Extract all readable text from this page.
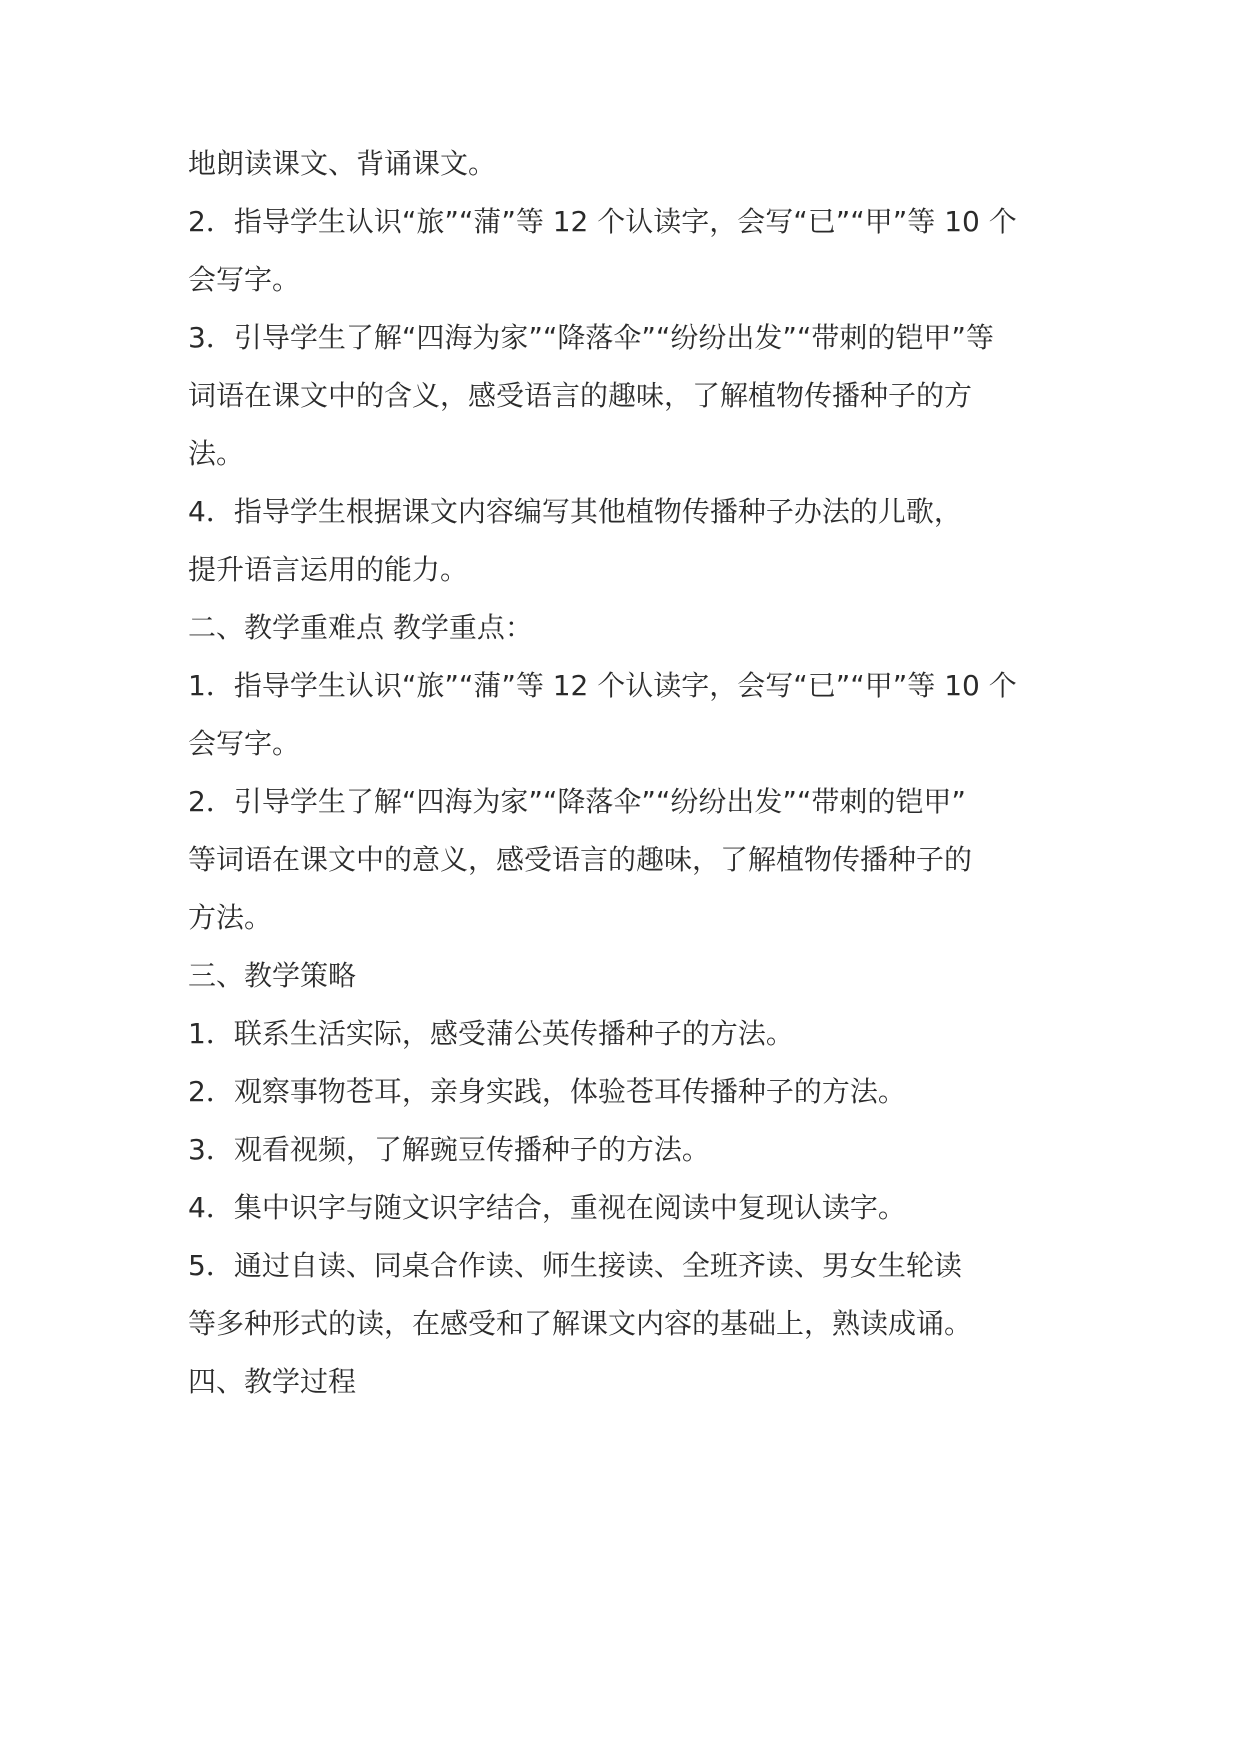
地朗读课文、背诵课文。
2．指导学生认识“旅”“蒲”等 12 个认读字，会写“已”“甲”等 10 个
会写字。
3．引导学生了解“四海为家”“降落伞”“纷纷出发”“带刺的铠甲”等
词语在课文中的含义，感受语言的趣味，了解植物传播种子的方
法。
4．指导学生根据课文内容编写其他植物传播种子办法的儿歌，
提升语言运用的能力。
二、教学重难点 教学重点：
1．指导学生认识“旅”“蒲”等 12 个认读字，会写“已”“甲”等 10 个
会写字。
2．引导学生了解“四海为家”“降落伞”“纷纷出发”“带刺的铠甲”
等词语在课文中的意义，感受语言的趣味，了解植物传播种子的
方法。
三、教学策略
1．联系生活实际，感受蒲公英传播种子的方法。
2．观察事物苍耳，亲身实践，体验苍耳传播种子的方法。
3．观看视频，了解豌豆传播种子的方法。
4．集中识字与随文识字结合，重视在阅读中复现认读字。
5．通过自读、同桌合作读、师生接读、全班齐读、男女生轮读
等多种形式的读，在感受和了解课文内容的基础上，熟读成诵。
四、教学过程
